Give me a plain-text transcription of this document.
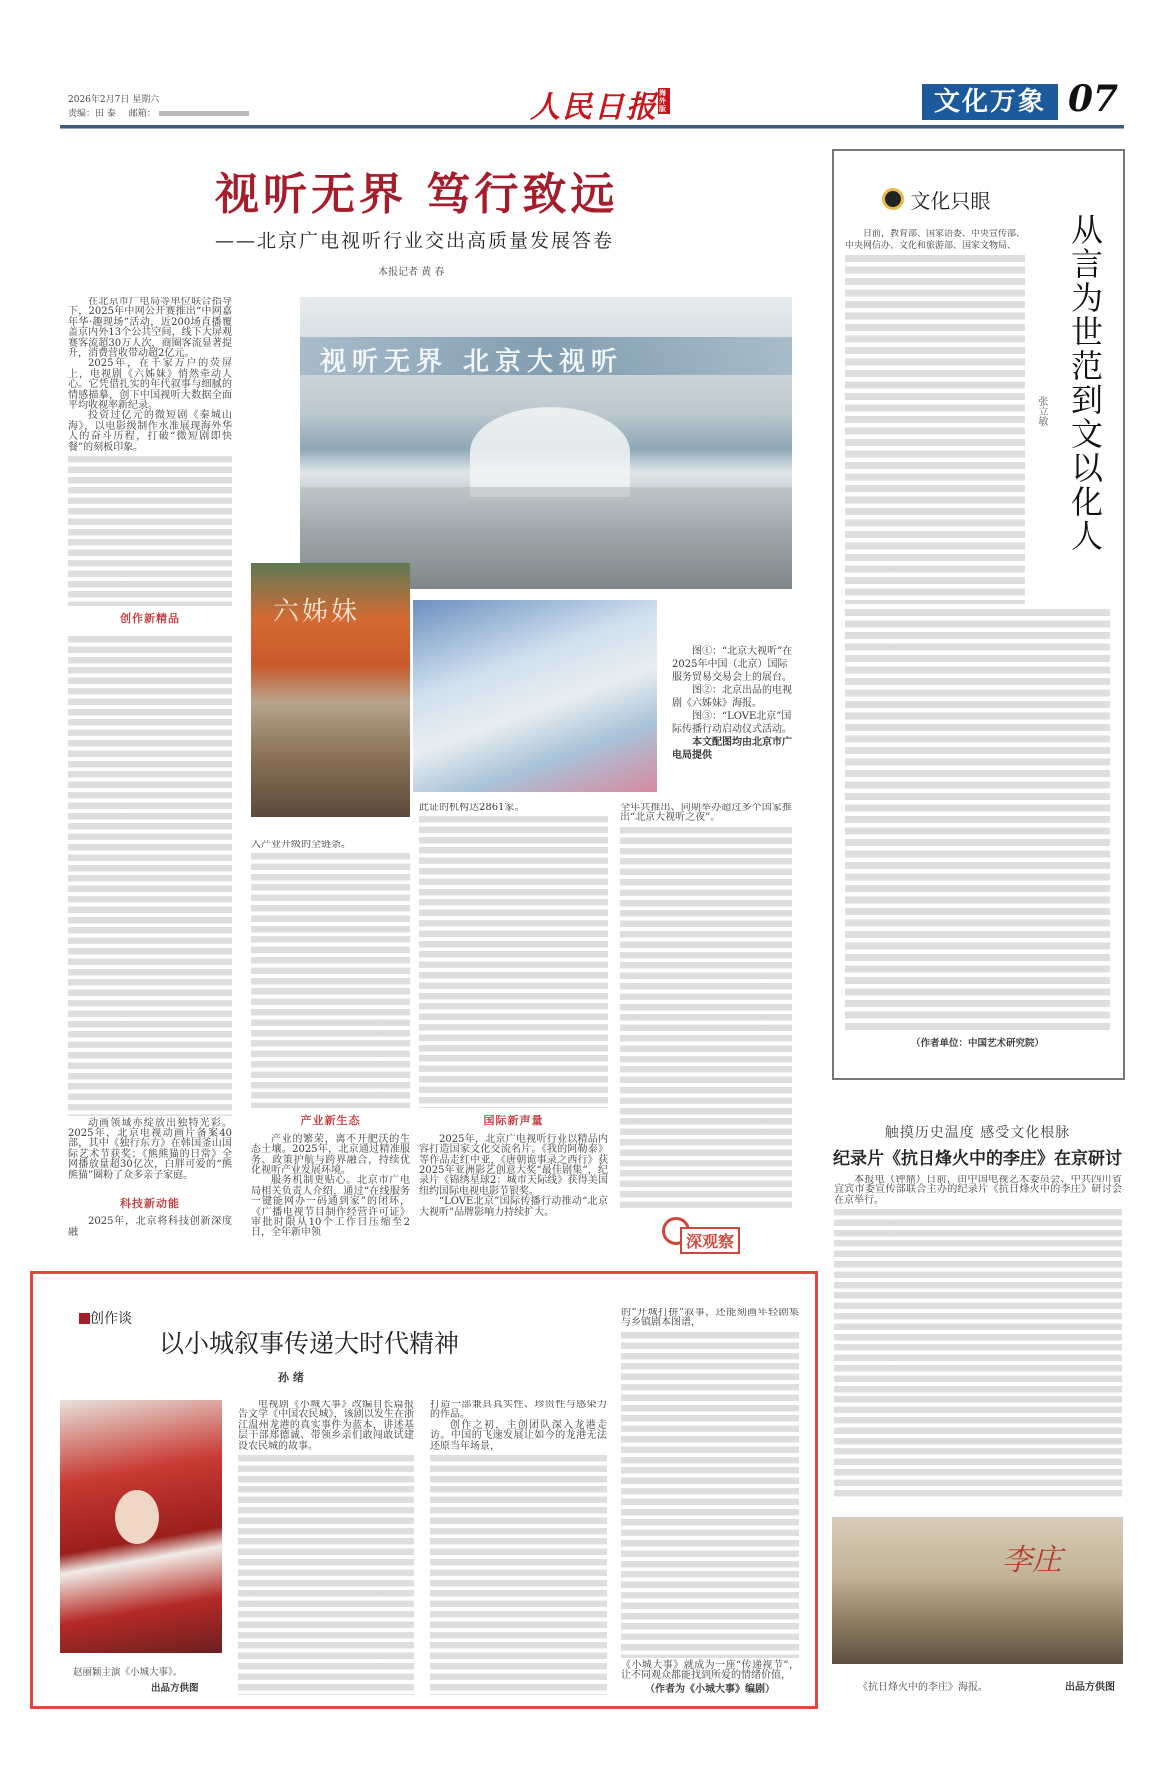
2026年2月7日 星期六
责编：田 泰 邮箱：	人民日报海外版	文化万象 07
视听无界 笃行致远
——北京广电视听行业交出高质量发展答卷
本报记者 黄 春

在北京市广电局等单位联合指导下，2025年中网公开赛推出“中网嘉年华·趣现场”活动，近200场直播覆盖京内外13个公共空间，线下大屏观赛客流超30万人次，商圈客流显著提升，消费营收带动超2亿元。

2025年，在千家万户的荧屏上，电视剧《六姊妹》悄然牵动人心。它凭借扎实的年代叙事与细腻的情感描摹，创下中国视听大数据全面平均收视率新纪录。

投资过亿元的微短剧《秦城山海》，以电影级制作水准展现海外华人的奋斗历程，打破“微短剧即快餐”的刻板印象。

创作新精品

动画领域亦绽放出独特光彩。2025年，北京电视动画片备案40部，其中《独行东方》在韩国釜山国际艺术节获奖；《熊熊猫的日常》全网播放量超30亿次，白胖可爱的“熊熊猫”圈粉了众多亲子家庭。

科技新动能

2025年，北京将科技创新深度融

视听无界 北京大视听
六姊妹

图①：“北京大视听”在2025年中国（北京）国际服务贸易交易会上的展台。

图②：北京出品的电视剧《六姊妹》海报。

图③：“LOVE北京”国际传播行动启动仪式活动。

本文配图均由北京市广电局提供

入产业升级的全链条。

产业新生态

产业的繁荣，离不开肥沃的生态土壤。2025年，北京通过精准服务、政策护航与跨界融合，持续优化视听产业发展环境。

服务机制更贴心。北京市广电局相关负责人介绍，通过“在线服务一键能网办一码通到家”的闭环，《广播电视节目制作经营许可证》审批时限从10个工作日压缩至2日，全年新申领

此证的机构达2861家。

国际新声量

2025年，北京广电视听行业以精品内容打造国家文化交流名片。《我的阿勒泰》等作品走红中亚，《唐朝诡事录之西行》获2025年亚洲影艺创意大奖“最佳剧集”，纪录片《锦绣星球2：城市天际线》获得美国纽约国际电视电影节银奖。

“LOVE北京”国际传播行动推动“北京大视听”品牌影响力持续扩大。

全年共推出、同期举办超过多个国家推出“北京大视听之夜”。

深观察
文化只眼

日前，教育部、国家语委、中央宣传部、中央网信办、文化和旅游部、国家文物局、 从言为世范到文以化人
张立敏
（作者单位：中国艺术研究院）
触摸历史温度 感受文化根脉
纪录片《抗日烽火中的李庄》在京研讨

本报电（钟鼎）日前，由中国电视艺术委员会、中共四川省宜宾市委宣传部联合主办的纪录片《抗日烽火中的李庄》研讨会在京举行。

李庄
《抗日烽火中的李庄》海报。	出品方供图
创作谈
以小城叙事传递大时代精神
孙 绪
赵丽颖主演《小城大事》。
出品方供图

电视剧《小城大事》改编自长篇报告文学《中国农民城》，该剧以发生在浙江温州龙港的真实事件为蓝本，讲述基层干部郑德诚、带领乡亲们敢闯敢试建设农民城的故事。

打造一部兼具真实性、珍贵性与感染力的作品。

创作之初，主创团队深入龙港走访。中国的飞速发展让如今的龙港无法还原当年场景，

的“开城打拼”叙事，还能刻画年轻剧集与乡镇剧本图谱，

《小城大事》就成为一座“传递视节”，让不同观众都能找到所爱的情绪价值，

（作者为《小城大事》编剧）
